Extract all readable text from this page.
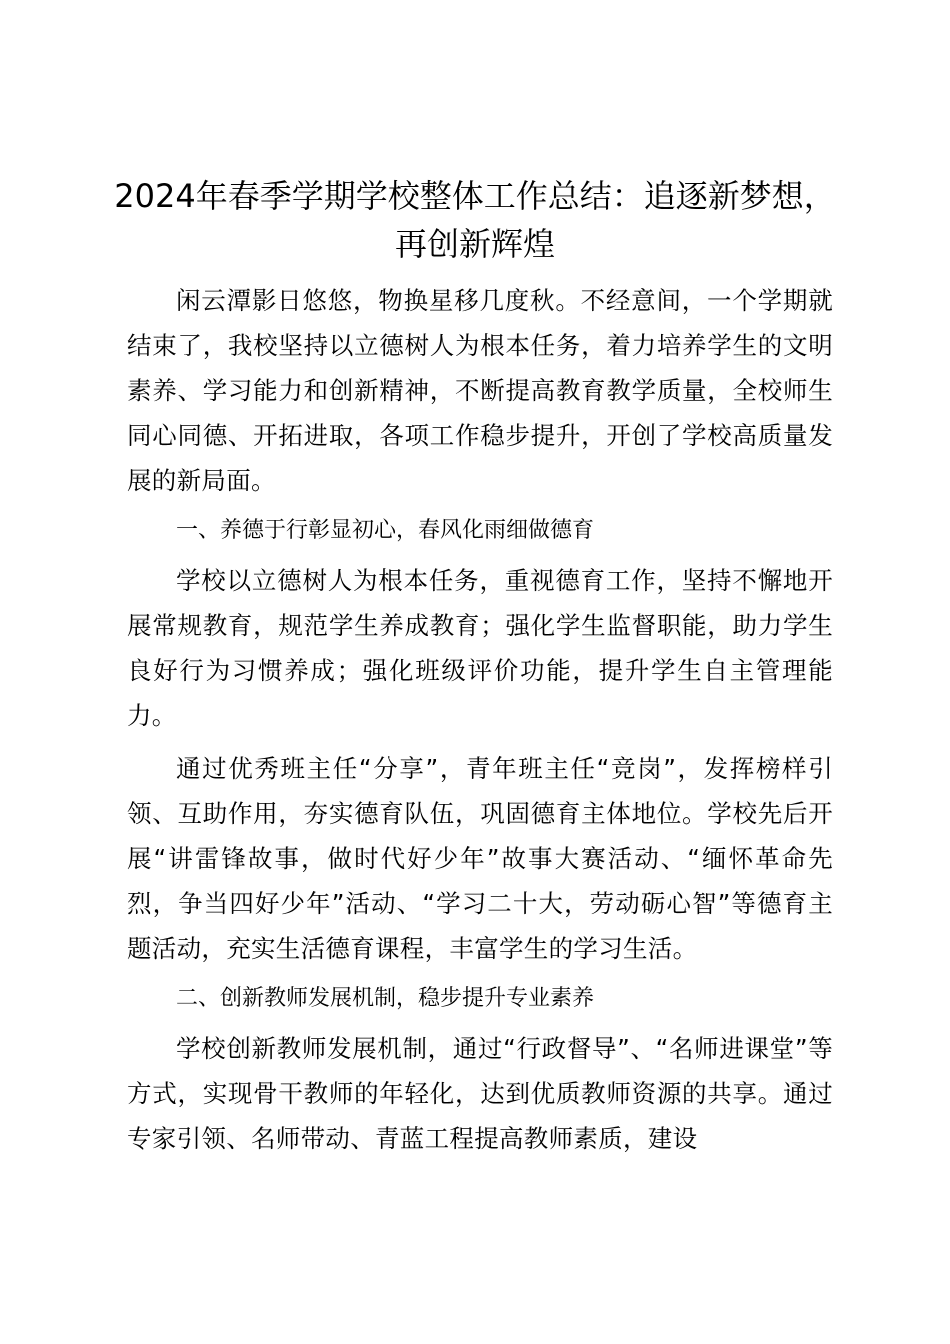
2024年春季学期学校整体工作总结：追逐新梦想，再创新辉煌

闲云潭影日悠悠，物换星移几度秋。不经意间，一个学期就结束了，我校坚持以立德树人为根本任务，着力培养学生的文明素养、学习能力和创新精神，不断提高教育教学质量，全校师生同心同德、开拓进取，各项工作稳步提升，开创了学校高质量发展的新局面。

一、养德于行彰显初心，春风化雨细做德育

学校以立德树人为根本任务，重视德育工作，坚持不懈地开展常规教育，规范学生养成教育；强化学生监督职能，助力学生良好行为习惯养成；强化班级评价功能，提升学生自主管理能力。

通过优秀班主任“分享”，青年班主任“竞岗”，发挥榜样引领、互助作用，夯实德育队伍，巩固德育主体地位。学校先后开展“讲雷锋故事，做时代好少年”故事大赛活动、“缅怀革命先烈，争当四好少年”活动、“学习二十大，劳动砺心智”等德育主题活动，充实生活德育课程，丰富学生的学习生活。

二、创新教师发展机制，稳步提升专业素养

学校创新教师发展机制，通过“行政督导”、“名师进课堂”等方式，实现骨干教师的年轻化，达到优质教师资源的共享。通过专家引领、名师带动、青蓝工程提高教师素质，建设
